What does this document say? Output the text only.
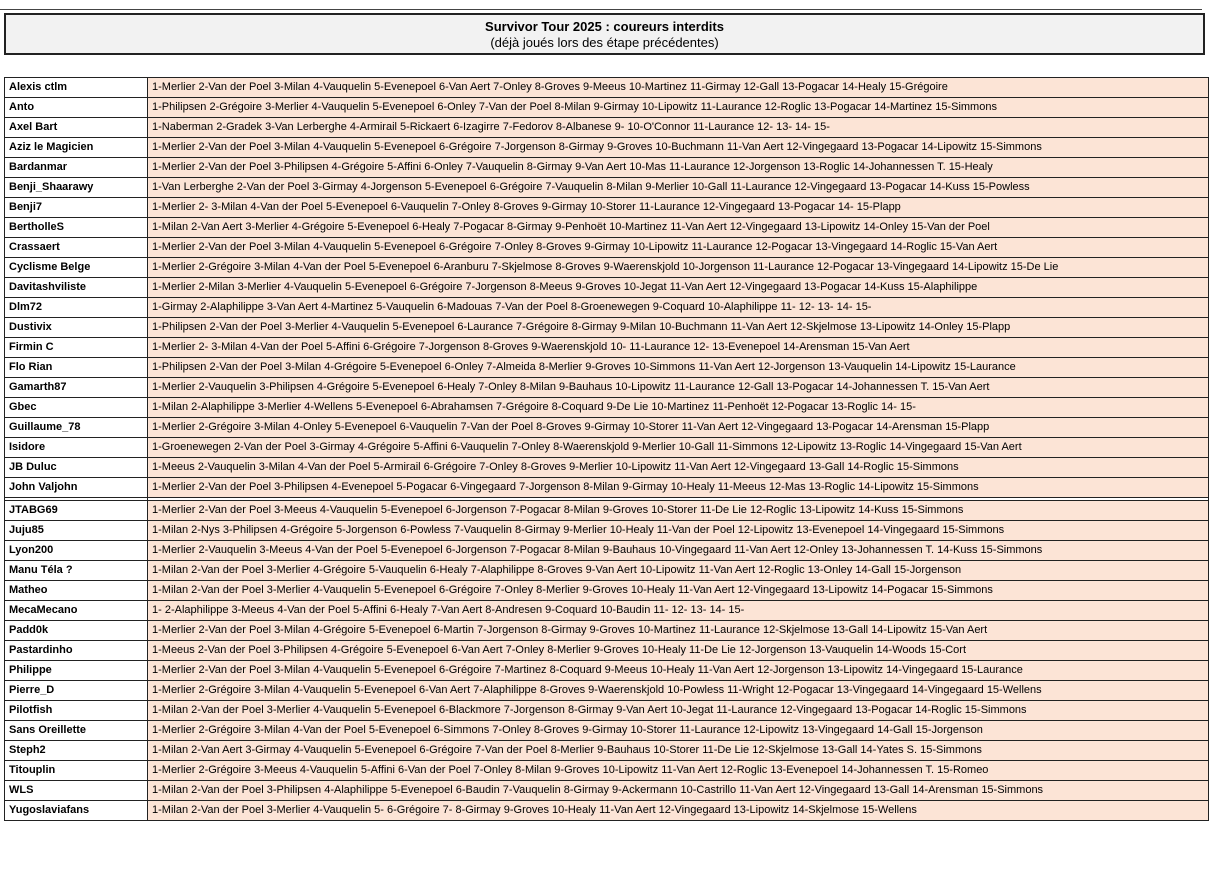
Survivor Tour 2025 : coureurs interdits
(déjà joués lors des étape précédentes)
Alexis ctlm	1-Merlier 2-Van der Poel 3-Milan 4-Vauquelin 5-Evenepoel 6-Van Aert 7-Onley 8-Groves 9-Meeus 10-Martinez 11-Girmay 12-Gall 13-Pogacar 14-Healy 15-Grégoire
Anto	1-Philipsen 2-Grégoire 3-Merlier 4-Vauquelin 5-Evenepoel 6-Onley 7-Van der Poel 8-Milan 9-Girmay 10-Lipowitz 11-Laurance 12-Roglic 13-Pogacar 14-Martinez 15-Simmons
Axel Bart	1-Naberman 2-Gradek 3-Van Lerberghe 4-Armirail 5-Rickaert 6-Izagirre 7-Fedorov 8-Albanese 9- 10-O'Connor 11-Laurance 12- 13- 14- 15-
Aziz le Magicien	1-Merlier 2-Van der Poel 3-Milan 4-Vauquelin 5-Evenepoel 6-Grégoire 7-Jorgenson 8-Girmay 9-Groves 10-Buchmann 11-Van Aert 12-Vingegaard 13-Pogacar 14-Lipowitz 15-Simmons
Bardanmar	1-Merlier 2-Van der Poel 3-Philipsen 4-Grégoire 5-Affini 6-Onley 7-Vauquelin 8-Girmay 9-Van Aert 10-Mas 11-Laurance 12-Jorgenson 13-Roglic 14-Johannessen T. 15-Healy
Benji_Shaarawy	1-Van Lerberghe 2-Van der Poel 3-Girmay 4-Jorgenson 5-Evenepoel 6-Grégoire 7-Vauquelin 8-Milan 9-Merlier 10-Gall 11-Laurance 12-Vingegaard 13-Pogacar 14-Kuss 15-Powless
Benji7	1-Merlier 2- 3-Milan 4-Van der Poel 5-Evenepoel 6-Vauquelin 7-Onley 8-Groves 9-Girmay 10-Storer 11-Laurance 12-Vingegaard 13-Pogacar 14- 15-Plapp
BertholleS	1-Milan 2-Van Aert 3-Merlier 4-Grégoire 5-Evenepoel 6-Healy 7-Pogacar 8-Girmay 9-Penhoët 10-Martinez 11-Van Aert 12-Vingegaard 13-Lipowitz 14-Onley 15-Van der Poel
Crassaert	1-Merlier 2-Van der Poel 3-Milan 4-Vauquelin 5-Evenepoel 6-Grégoire 7-Onley 8-Groves 9-Girmay 10-Lipowitz 11-Laurance 12-Pogacar 13-Vingegaard 14-Roglic 15-Van Aert
Cyclisme Belge	1-Merlier 2-Grégoire 3-Milan 4-Van der Poel 5-Evenepoel 6-Aranburu 7-Skjelmose 8-Groves 9-Waerenskjold 10-Jorgenson 11-Laurance 12-Pogacar 13-Vingegaard 14-Lipowitz 15-De Lie
Davitashviliste	1-Merlier 2-Milan 3-Merlier 4-Vauquelin 5-Evenepoel 6-Grégoire 7-Jorgenson 8-Meeus 9-Groves 10-Jegat 11-Van Aert 12-Vingegaard 13-Pogacar 14-Kuss 15-Alaphilippe
Dlm72	1-Girmay 2-Alaphilippe 3-Van Aert 4-Martinez 5-Vauquelin 6-Madouas 7-Van der Poel 8-Groenewegen 9-Coquard 10-Alaphilippe 11- 12- 13- 14- 15-
Dustivix	1-Philipsen 2-Van der Poel 3-Merlier 4-Vauquelin 5-Evenepoel 6-Laurance 7-Grégoire 8-Girmay 9-Milan 10-Buchmann 11-Van Aert 12-Skjelmose 13-Lipowitz 14-Onley 15-Plapp
Firmin C	1-Merlier 2- 3-Milan 4-Van der Poel 5-Affini 6-Grégoire 7-Jorgenson 8-Groves 9-Waerenskjold 10- 11-Laurance 12- 13-Evenepoel 14-Arensman 15-Van Aert
Flo Rian	1-Philipsen 2-Van der Poel 3-Milan 4-Grégoire 5-Evenepoel 6-Onley 7-Almeida 8-Merlier 9-Groves 10-Simmons 11-Van Aert 12-Jorgenson 13-Vauquelin 14-Lipowitz 15-Laurance
Gamarth87	1-Merlier 2-Vauquelin 3-Philipsen 4-Grégoire 5-Evenepoel 6-Healy 7-Onley 8-Milan 9-Bauhaus 10-Lipowitz 11-Laurance 12-Gall 13-Pogacar 14-Johannessen T. 15-Van Aert
Gbec	1-Milan 2-Alaphilippe 3-Merlier 4-Wellens 5-Evenepoel 6-Abrahamsen 7-Grégoire 8-Coquard 9-De Lie 10-Martinez 11-Penhoët 12-Pogacar 13-Roglic 14- 15-
Guillaume_78	1-Merlier 2-Grégoire 3-Milan 4-Onley 5-Evenepoel 6-Vauquelin 7-Van der Poel 8-Groves 9-Girmay 10-Storer 11-Van Aert 12-Vingegaard 13-Pogacar 14-Arensman 15-Plapp
Isidore	1-Groenewegen 2-Van der Poel 3-Girmay 4-Grégoire 5-Affini 6-Vauquelin 7-Onley 8-Waerenskjold 9-Merlier 10-Gall 11-Simmons 12-Lipowitz 13-Roglic 14-Vingegaard 15-Van Aert
JB Duluc	1-Meeus 2-Vauquelin 3-Milan 4-Van der Poel 5-Armirail 6-Grégoire 7-Onley 8-Groves 9-Merlier 10-Lipowitz 11-Van Aert 12-Vingegaard 13-Gall 14-Roglic 15-Simmons
John Valjohn	1-Merlier 2-Van der Poel 3-Philipsen 4-Evenepoel 5-Pogacar 6-Vingegaard 7-Jorgenson 8-Milan 9-Girmay 10-Healy 11-Meeus 12-Mas 13-Roglic 14-Lipowitz 15-Simmons

JTABG69	1-Merlier 2-Van der Poel 3-Meeus 4-Vauquelin 5-Evenepoel 6-Jorgenson 7-Pogacar 8-Milan 9-Groves 10-Storer 11-De Lie 12-Roglic 13-Lipowitz 14-Kuss 15-Simmons
Juju85	1-Milan 2-Nys 3-Philipsen 4-Grégoire 5-Jorgenson 6-Powless 7-Vauquelin 8-Girmay 9-Merlier 10-Healy 11-Van der Poel 12-Lipowitz 13-Evenepoel 14-Vingegaard 15-Simmons
Lyon200	1-Merlier 2-Vauquelin 3-Meeus 4-Van der Poel 5-Evenepoel 6-Jorgenson 7-Pogacar 8-Milan 9-Bauhaus 10-Vingegaard 11-Van Aert 12-Onley 13-Johannessen T. 14-Kuss 15-Simmons
Manu Téla ?	1-Milan 2-Van der Poel 3-Merlier 4-Grégoire 5-Vauquelin 6-Healy 7-Alaphilippe 8-Groves 9-Van Aert 10-Lipowitz 11-Van Aert 12-Roglic 13-Onley 14-Gall 15-Jorgenson
Matheo	1-Milan 2-Van der Poel 3-Merlier 4-Vauquelin 5-Evenepoel 6-Grégoire 7-Onley 8-Merlier 9-Groves 10-Healy 11-Van Aert 12-Vingegaard 13-Lipowitz 14-Pogacar 15-Simmons
MecaMecano	1- 2-Alaphilippe 3-Meeus 4-Van der Poel 5-Affini 6-Healy 7-Van Aert 8-Andresen 9-Coquard 10-Baudin 11- 12- 13- 14- 15-
Padd0k	1-Merlier 2-Van der Poel 3-Milan 4-Grégoire 5-Evenepoel 6-Martin 7-Jorgenson 8-Girmay 9-Groves 10-Martinez 11-Laurance 12-Skjelmose 13-Gall 14-Lipowitz 15-Van Aert
Pastardinho	1-Meeus 2-Van der Poel 3-Philipsen 4-Grégoire 5-Evenepoel 6-Van Aert 7-Onley 8-Merlier 9-Groves 10-Healy 11-De Lie 12-Jorgenson 13-Vauquelin 14-Woods 15-Cort
Philippe	1-Merlier 2-Van der Poel 3-Milan 4-Vauquelin 5-Evenepoel 6-Grégoire 7-Martinez 8-Coquard 9-Meeus 10-Healy 11-Van Aert 12-Jorgenson 13-Lipowitz 14-Vingegaard 15-Laurance
Pierre_D	1-Merlier 2-Grégoire 3-Milan 4-Vauquelin 5-Evenepoel 6-Van Aert 7-Alaphilippe 8-Groves 9-Waerenskjold 10-Powless 11-Wright 12-Pogacar 13-Vingegaard 14-Vingegaard 15-Wellens
Pilotfish	1-Milan 2-Van der Poel 3-Merlier 4-Vauquelin 5-Evenepoel 6-Blackmore 7-Jorgenson 8-Girmay 9-Van Aert 10-Jegat 11-Laurance 12-Vingegaard 13-Pogacar 14-Roglic 15-Simmons
Sans Oreillette	1-Merlier 2-Grégoire 3-Milan 4-Van der Poel 5-Evenepoel 6-Simmons 7-Onley 8-Groves 9-Girmay 10-Storer 11-Laurance 12-Lipowitz 13-Vingegaard 14-Gall 15-Jorgenson
Steph2	1-Milan 2-Van Aert 3-Girmay 4-Vauquelin 5-Evenepoel 6-Grégoire 7-Van der Poel 8-Merlier 9-Bauhaus 10-Storer 11-De Lie 12-Skjelmose 13-Gall 14-Yates S. 15-Simmons
Titouplin	1-Merlier 2-Grégoire 3-Meeus 4-Vauquelin 5-Affini 6-Van der Poel 7-Onley 8-Milan 9-Groves 10-Lipowitz 11-Van Aert 12-Roglic 13-Evenepoel 14-Johannessen T. 15-Romeo
WLS	1-Milan 2-Van der Poel 3-Philipsen 4-Alaphilippe 5-Evenepoel 6-Baudin 7-Vauquelin 8-Girmay 9-Ackermann 10-Castrillo 11-Van Aert 12-Vingegaard 13-Gall 14-Arensman 15-Simmons
Yugoslaviafans	1-Milan 2-Van der Poel 3-Merlier 4-Vauquelin 5- 6-Grégoire 7- 8-Girmay 9-Groves 10-Healy 11-Van Aert 12-Vingegaard 13-Lipowitz 14-Skjelmose 15-Wellens
